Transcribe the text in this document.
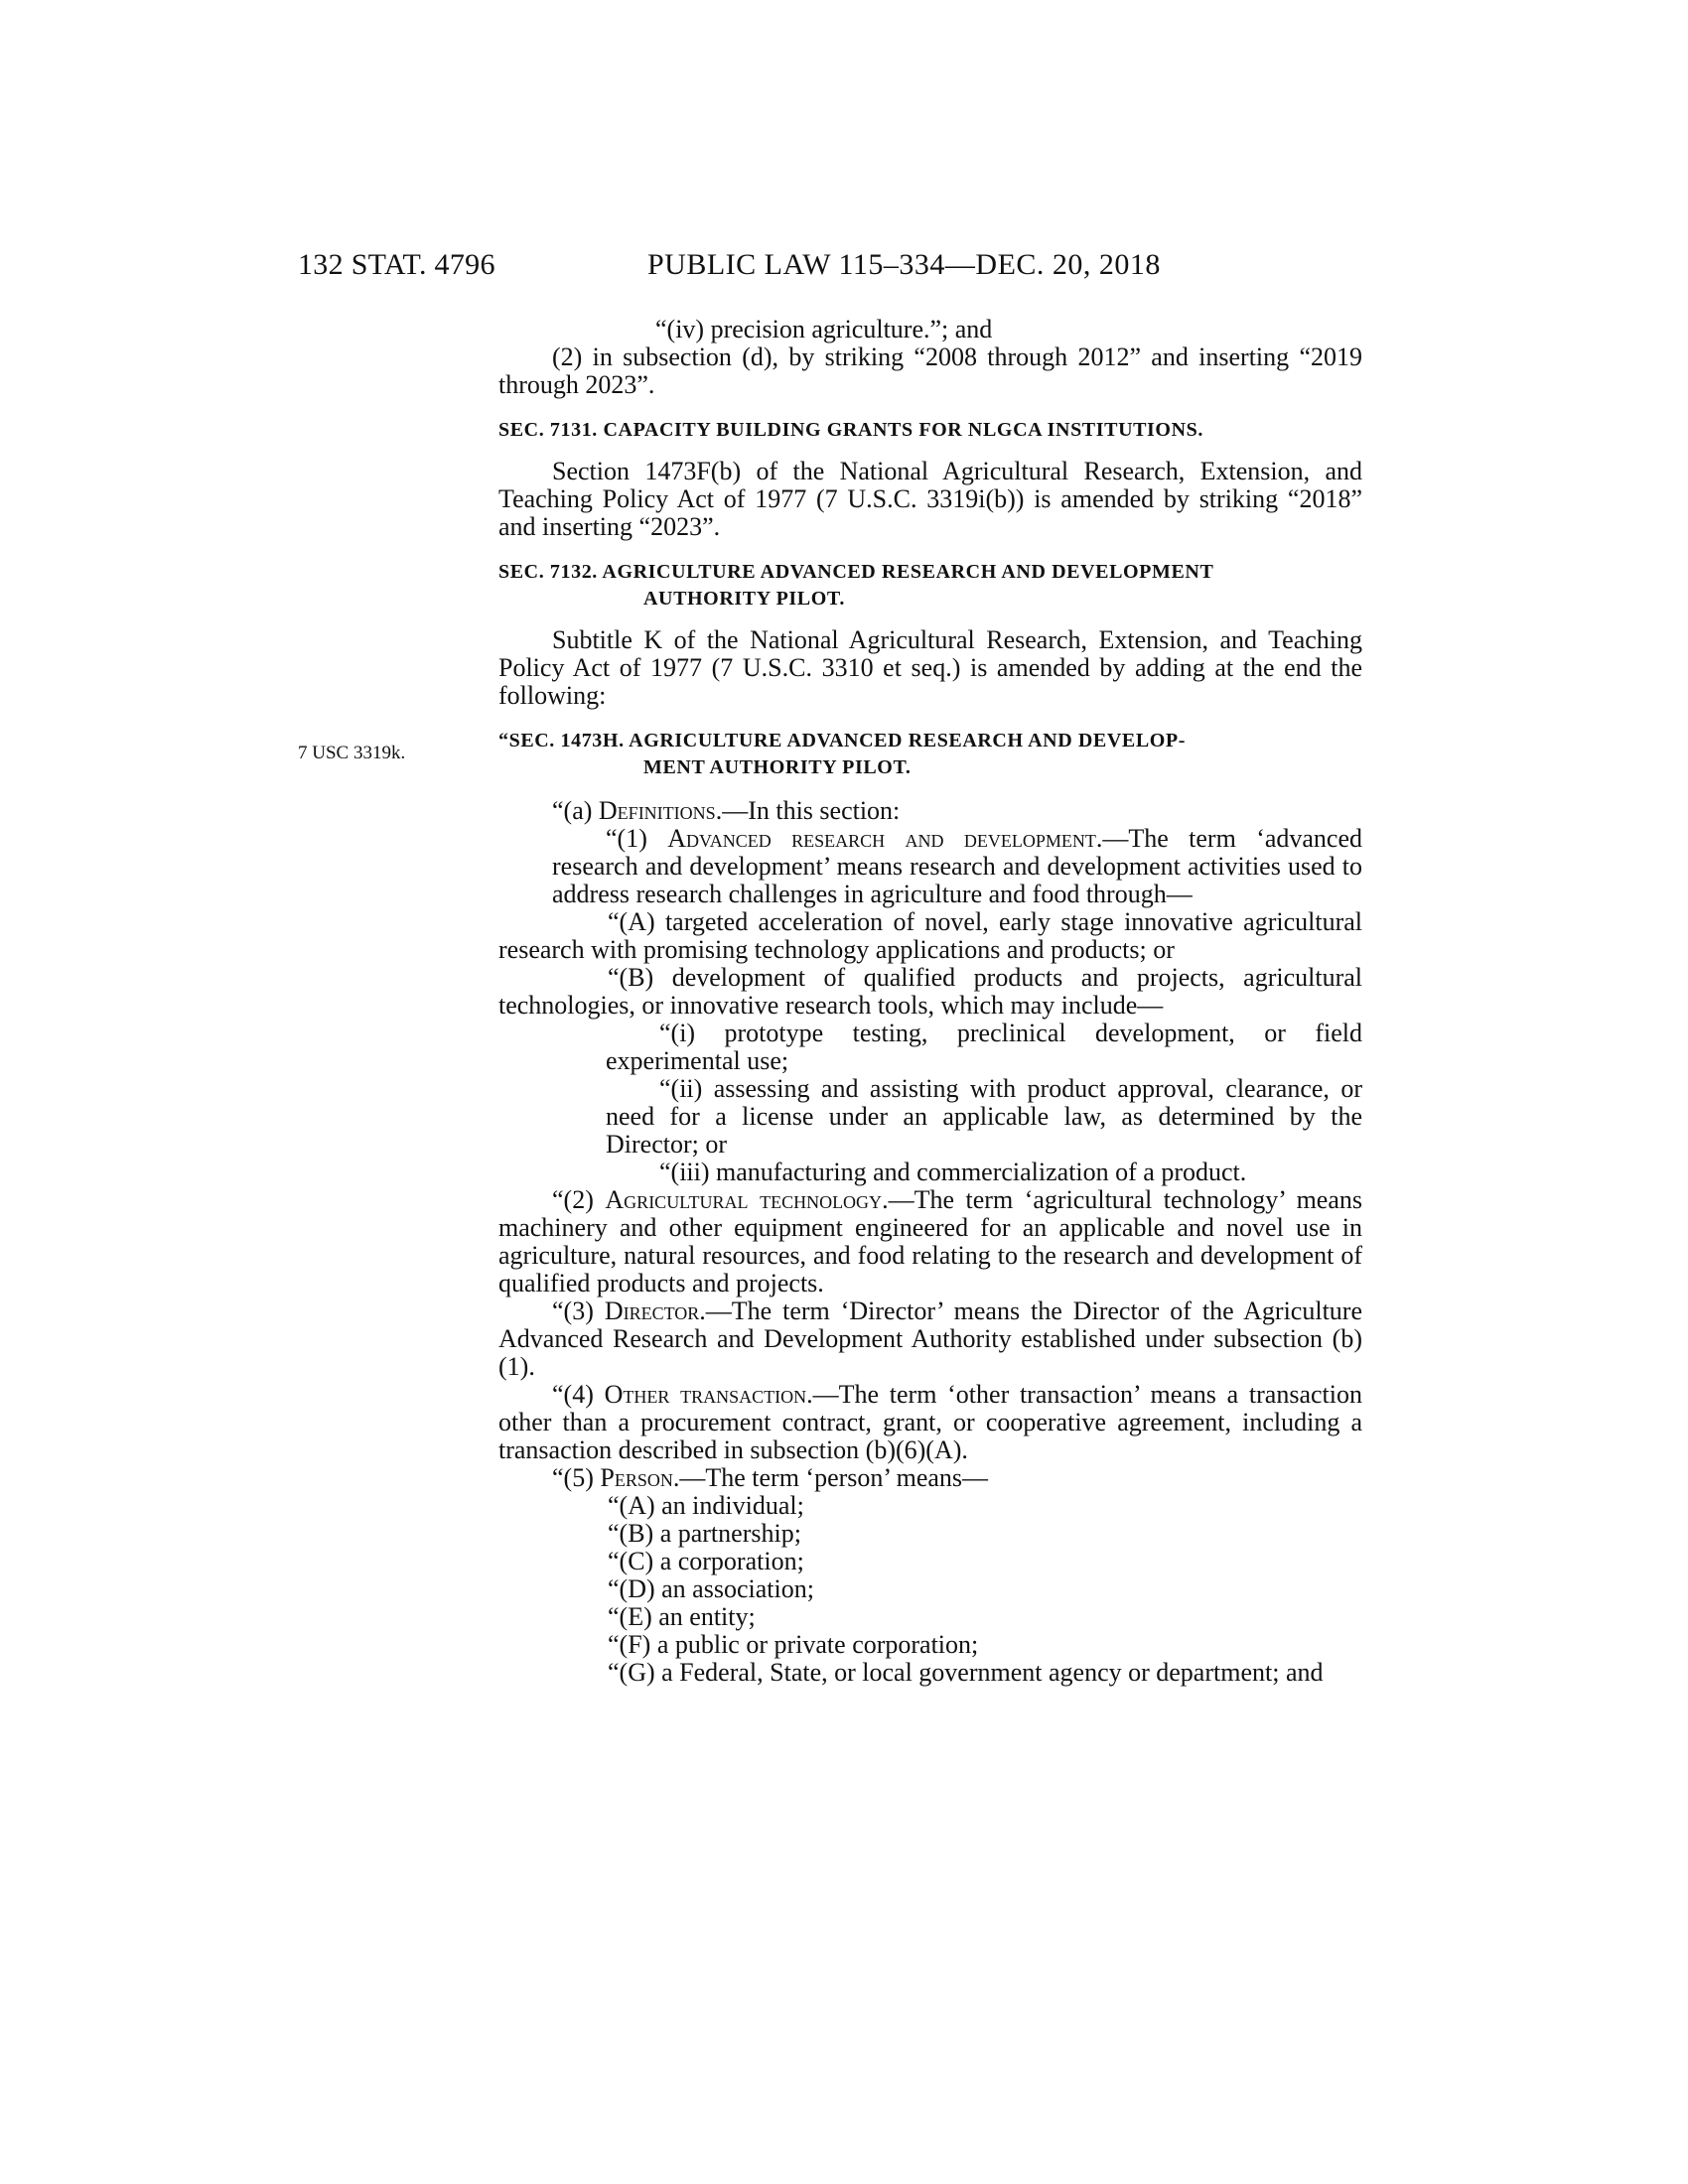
132 STAT. 4796	PUBLIC LAW 115–334—DEC. 20, 2018
7 USC 3319k.

“(iv) precision agriculture.”; and

(2) in subsection (d), by striking “2008 through 2012” and inserting “2019 through 2023”.

SEC. 7131. CAPACITY BUILDING GRANTS FOR NLGCA INSTITUTIONS.

Section 1473F(b) of the National Agricultural Research, Extension, and Teaching Policy Act of 1977 (7 U.S.C. 3319i(b)) is amended by striking “2018” and inserting “2023”.

SEC. 7132. AGRICULTURE ADVANCED RESEARCH AND DEVELOPMENT
AUTHORITY PILOT.

Subtitle K of the National Agricultural Research, Extension, and Teaching Policy Act of 1977 (7 U.S.C. 3310 et seq.) is amended by adding at the end the following:

“SEC. 1473H. AGRICULTURE ADVANCED RESEARCH AND DEVELOP-
MENT AUTHORITY PILOT.

“(a) Definitions.—In this section:

“(1) Advanced research and development.—The term ‘advanced research and development’ means research and development activities used to address research challenges in agriculture and food through—

“(A) targeted acceleration of novel, early stage innovative agricultural research with promising technology applications and products; or

“(B) development of qualified products and projects, agricultural technologies, or innovative research tools, which may include—

“(i) prototype testing, preclinical development, or field experimental use;

“(ii) assessing and assisting with product approval, clearance, or need for a license under an applicable law, as determined by the Director; or

“(iii) manufacturing and commercialization of a product.

“(2) Agricultural technology.—The term ‘agricultural technology’ means machinery and other equipment engineered for an applicable and novel use in agriculture, natural resources, and food relating to the research and development of qualified products and projects.

“(3) Director.—The term ‘Director’ means the Director of the Agriculture Advanced Research and Development Authority established under subsection (b)(1).

“(4) Other transaction.—The term ‘other transaction’ means a transaction other than a procurement contract, grant, or cooperative agreement, including a transaction described in subsection (b)(6)(A).

“(5) Person.—The term ‘person’ means—

“(A) an individual;

“(B) a partnership;

“(C) a corporation;

“(D) an association;

“(E) an entity;

“(F) a public or private corporation;

“(G) a Federal, State, or local government agency or department; and
